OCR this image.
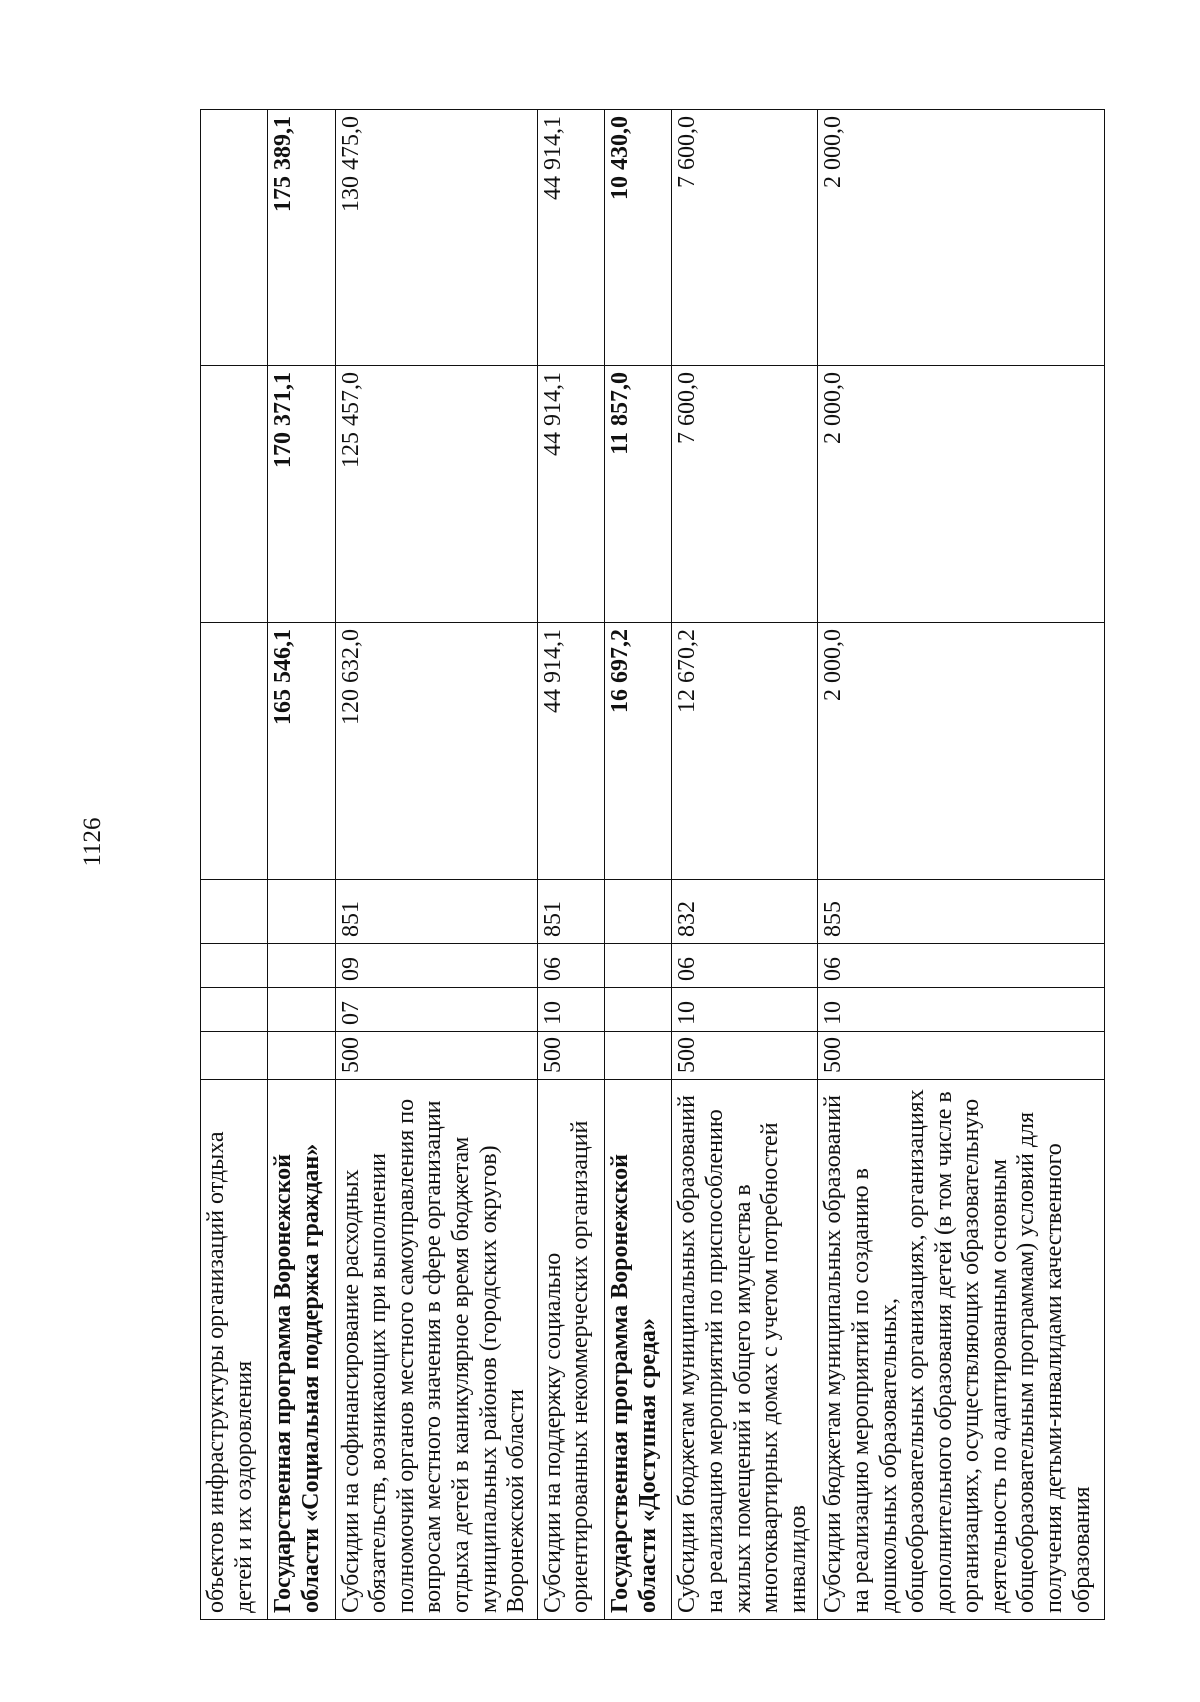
1126
объектов инфраструктуры организаций отдыха детей и их оздоровления							
Государственная программа Воронежской области «Социальная поддержка граждан»					165 546,1	170 371,1	175 389,1
Субсидии на софинансирование расходных обязательств, возникающих при выполнении полномочий органов местного самоуправления по вопросам местного значения в сфере организации отдыха детей в каникулярное время бюджетам муниципальных районов (городских округов) Воронежской области	500	07	09	851	120 632,0	125 457,0	130 475,0
Субсидии на поддержку социально ориентированных некоммерческих организаций	500	10	06	851	44 914,1	44 914,1	44 914,1
Государственная программа Воронежской области «Доступная среда»					16 697,2	11 857,0	10 430,0
Субсидии бюджетам муниципальных образований на реализацию мероприятий по приспособлению жилых помещений и общего имущества в многоквартирных домах с учетом потребностей инвалидов	500	10	06	832	12 670,2	7 600,0	7 600,0
Субсидии бюджетам муниципальных образований на реализацию мероприятий по созданию в дошкольных образовательных, общеобразовательных организациях, организациях дополнительного образования детей (в том числе в организациях, осуществляющих образовательную деятельность по адаптированным основным общеобразовательным программам) условий для получения детьми-инвалидами качественного образования	500	10	06	855	2 000,0	2 000,0	2 000,0
